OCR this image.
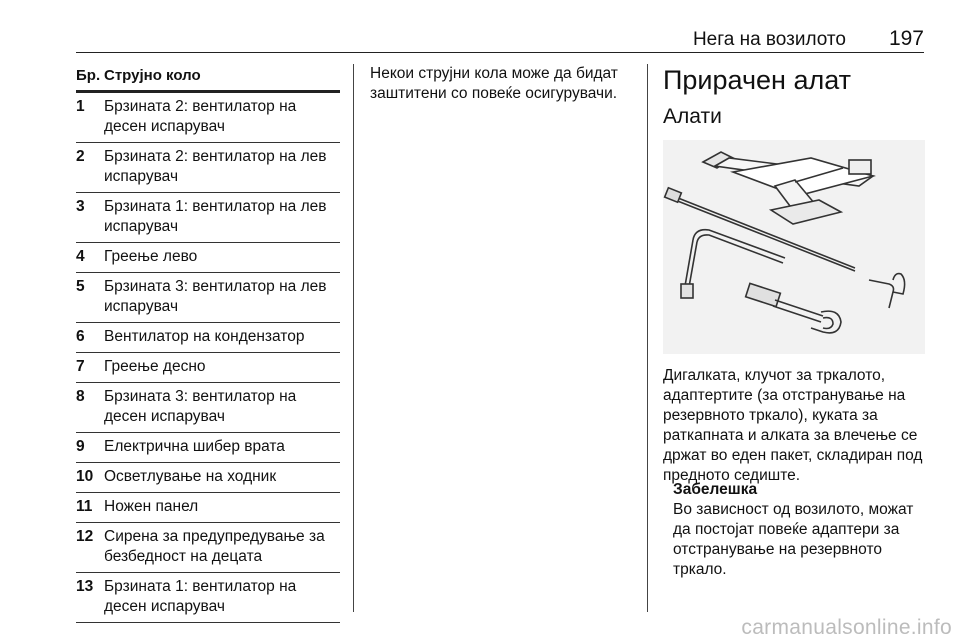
Нега на возилото 197
Бр. Струјно коло
1	Брзината 2: вентилатор на десен испарувач
2	Брзината 2: вентилатор на лев испарувач
3	Брзината 1: вентилатор на лев испарувач
4	Греење лево
5	Брзината 3: вентилатор на лев испарувач
6	Вентилатор на кондензатор
7	Греење десно
8	Брзината 3: вентилатор на десен испарувач
9	Електрична шибер врата
10 Осветлување на ходник
11 Ножен панел
12 Сирена за предупредување за безбедност на децата
13 Брзината 1: вентилатор на десен испарувач
Некои струјни кола може да бидат заштитени со повеќе осигурувачи.	Прирачен алат
Алати
Дигалката, клучот за тркалото, адаптертите (за отстранување на резервното тркало), куката за раткапната и алката за влечење се држат во еден пакет, складиран под предното седиште.
Забелешка
Во зависност од возилото, можат да постојат повеќе адаптери за отстранување на резервното тркало.
carmanualsonline.info
